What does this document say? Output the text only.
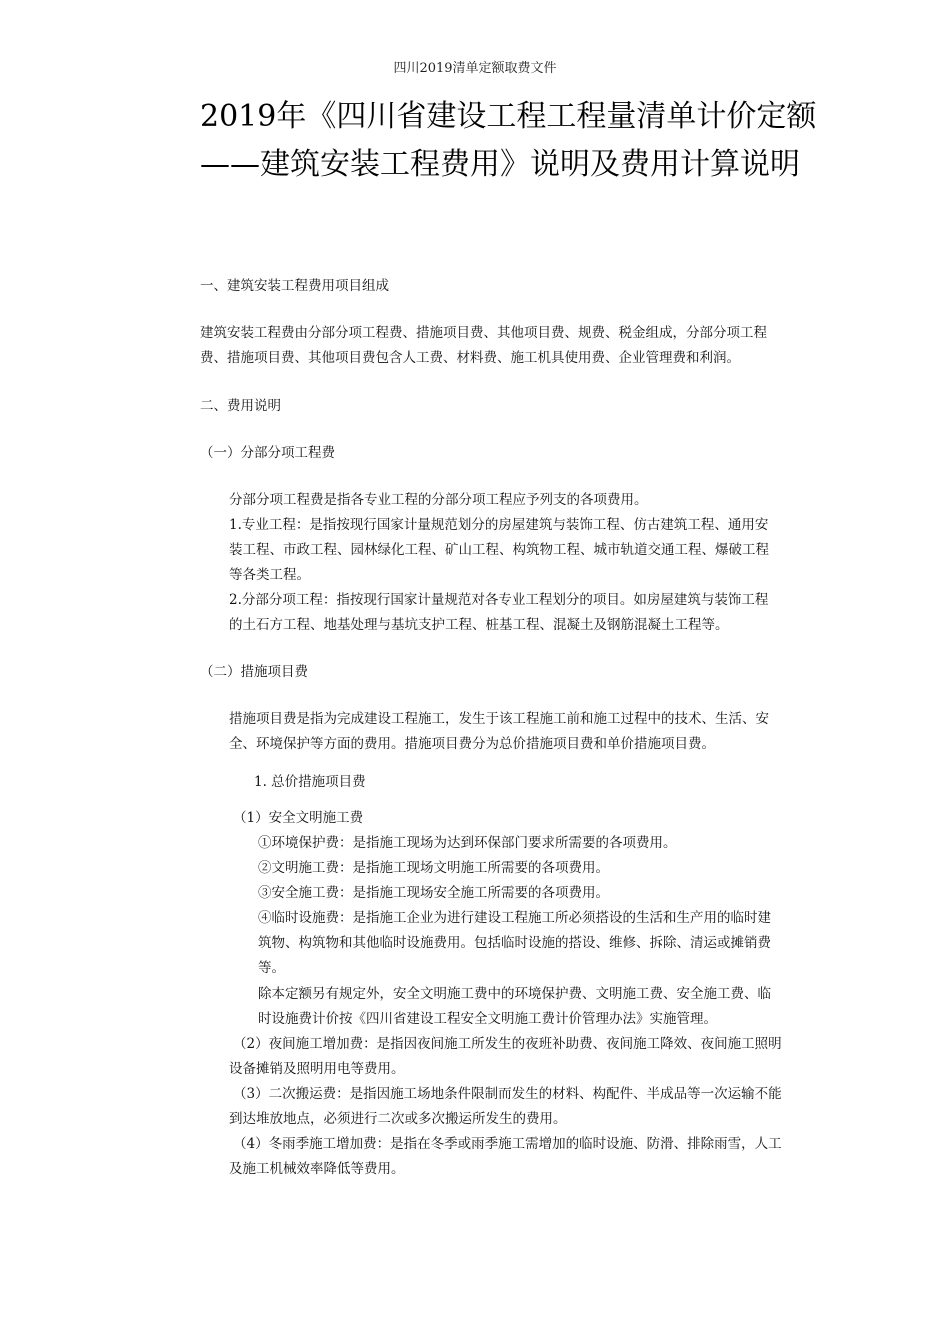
四川2019清单定额取费文件
2019年《四川省建设工程工程量清单计价定额——建筑安装工程费用》说明及费用计算说明

一、建筑安装工程费用项目组成

建筑安装工程费由分部分项工程费、措施项目费、其他项目费、规费、税金组成，分部分项工程

费、措施项目费、其他项目费包含人工费、材料费、施工机具使用费、企业管理费和利润。

二、费用说明

（一）分部分项工程费

分部分项工程费是指各专业工程的分部分项工程应予列支的各项费用。

1.专业工程：是指按现行国家计量规范划分的房屋建筑与装饰工程、仿古建筑工程、通用安

装工程、市政工程、园林绿化工程、矿山工程、构筑物工程、城市轨道交通工程、爆破工程

等各类工程。

2.分部分项工程：指按现行国家计量规范对各专业工程划分的项目。如房屋建筑与装饰工程

的土石方工程、地基处理与基坑支护工程、桩基工程、混凝土及钢筋混凝土工程等。

（二）措施项目费

措施项目费是指为完成建设工程施工，发生于该工程施工前和施工过程中的技术、生活、安

全、环境保护等方面的费用。措施项目费分为总价措施项目费和单价措施项目费。

1. 总价措施项目费

（1）安全文明施工费

①环境保护费：是指施工现场为达到环保部门要求所需要的各项费用。

②文明施工费：是指施工现场文明施工所需要的各项费用。

③安全施工费：是指施工现场安全施工所需要的各项费用。

④临时设施费：是指施工企业为进行建设工程施工所必须搭设的生活和生产用的临时建

筑物、构筑物和其他临时设施费用。包括临时设施的搭设、维修、拆除、清运或摊销费

等。

除本定额另有规定外，安全文明施工费中的环境保护费、文明施工费、安全施工费、临

时设施费计价按《四川省建设工程安全文明施工费计价管理办法》实施管理。

（2）夜间施工增加费：是指因夜间施工所发生的夜班补助费、夜间施工降效、夜间施工照明

设备摊销及照明用电等费用。

（3）二次搬运费：是指因施工场地条件限制而发生的材料、构配件、半成品等一次运输不能

到达堆放地点，必须进行二次或多次搬运所发生的费用。

（4）冬雨季施工增加费：是指在冬季或雨季施工需增加的临时设施、防滑、排除雨雪，人工

及施工机械效率降低等费用。
